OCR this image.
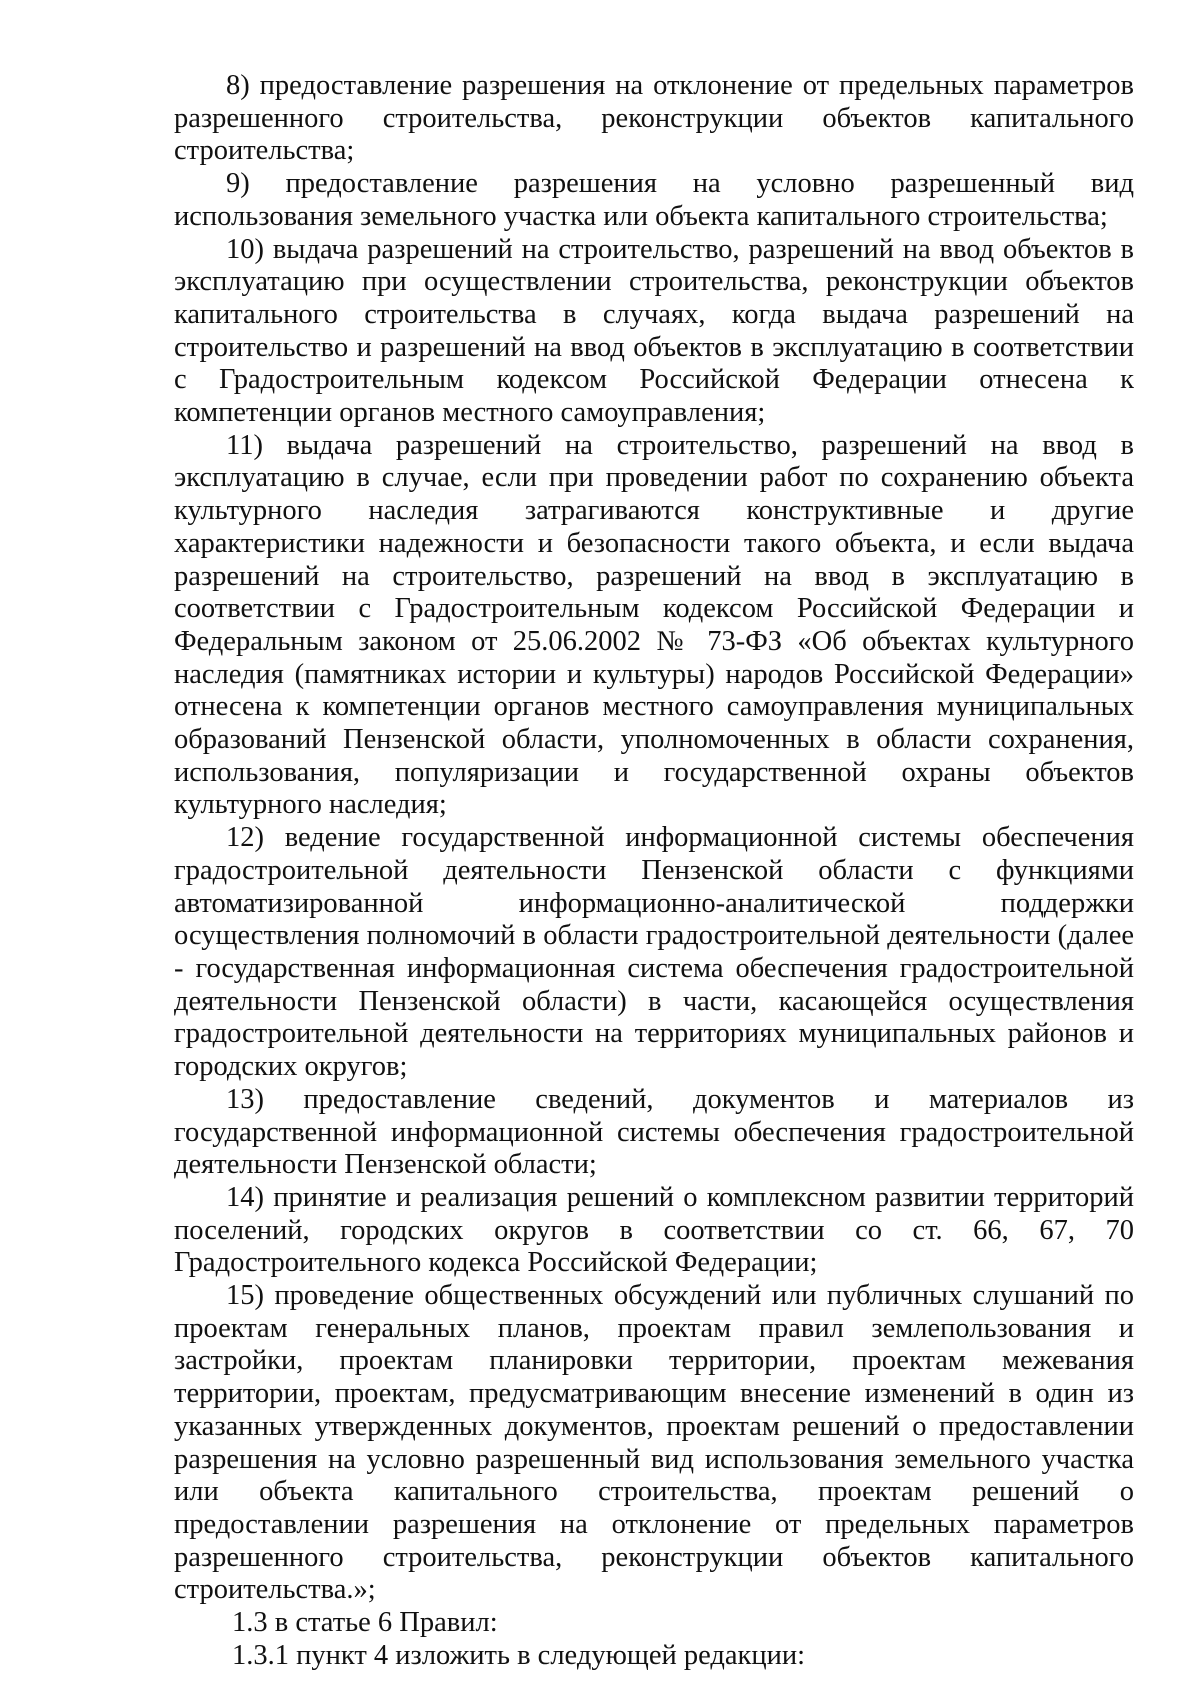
8) предоставление разрешения на отклонение от предельных параметров разрешенного строительства, реконструкции объектов капитального строительства;

9) предоставление разрешения на условно разрешенный вид использования земельного участка или объекта капитального строительства;

10) выдача разрешений на строительство, разрешений на ввод объектов в эксплуатацию при осуществлении строительства, реконструкции объектов капитального строительства в случаях, когда выдача разрешений на строительство и разрешений на ввод объектов в эксплуатацию в соответствии с Градостроительным кодексом Российской Федерации отнесена к компетенции органов местного самоуправления;

11) выдача разрешений на строительство, разрешений на ввод в эксплуатацию в случае, если при проведении работ по сохранению объекта культурного наследия затрагиваются конструктивные и другие характеристики надежности и безопасности такого объекта, и если выдача разрешений на строительство, разрешений на ввод в эксплуатацию в соответствии с Градостроительным кодексом Российской Федерации и Федеральным законом от 25.06.2002 № 73-ФЗ «Об объектах культурного наследия (памятниках истории и культуры) народов Российской Федерации» отнесена к компетенции органов местного самоуправления муниципальных образований Пензенской области, уполномоченных в области сохранения, использования, популяризации и государственной охраны объектов культурного наследия;

12) ведение государственной информационной системы обеспечения градостроительной деятельности Пензенской области с функциями автоматизированной информационно-аналитической поддержки осуществления полномочий в области градостроительной деятельности (далее - государственная информационная система обеспечения градостроительной деятельности Пензенской области) в части, касающейся осуществления градостроительной деятельности на территориях муниципальных районов и городских округов;

13) предоставление сведений, документов и материалов из государственной информационной системы обеспечения градостроительной деятельности Пензенской области;

14) принятие и реализация решений о комплексном развитии территорий поселений, городских округов в соответствии со ст. 66, 67, 70 Градостроительного кодекса Российской Федерации;

15) проведение общественных обсуждений или публичных слушаний по проектам генеральных планов, проектам правил землепользования и застройки, проектам планировки территории, проектам межевания территории, проектам, предусматривающим внесение изменений в один из указанных утвержденных документов, проектам решений о предоставлении разрешения на условно разрешенный вид использования земельного участка или объекта капитального строительства, проектам решений о предоставлении разрешения на отклонение от предельных параметров разрешенного строительства, реконструкции объектов капитального строительства.»;

1.3 в статье 6 Правил:

1.3.1 пункт 4 изложить в следующей редакции:
